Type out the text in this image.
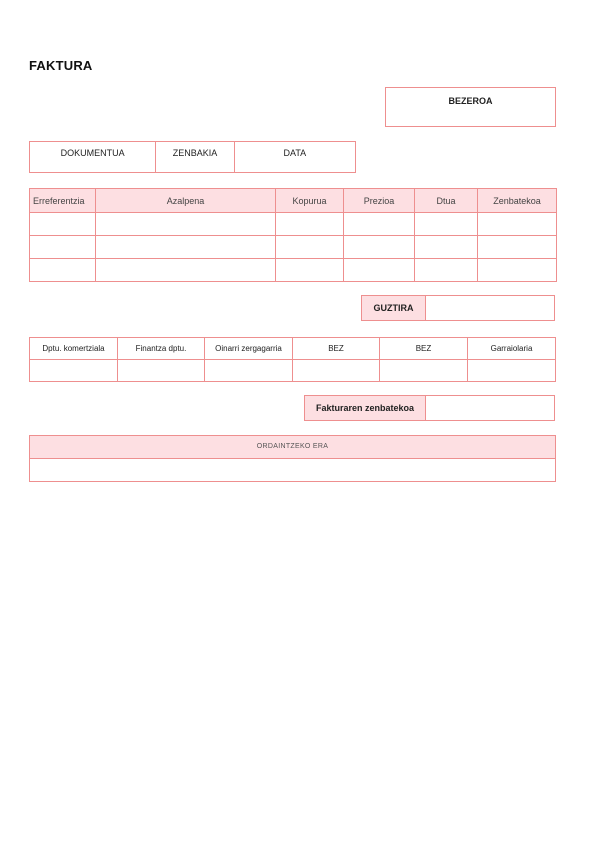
FAKTURA
BEZEROA
DOKUMENTUA	ZENBAKIA	DATA
Erreferentzia	Azalpena	Kopurua	Prezioa	Dtua	Zenbatekoa

GUZTIRA
Dptu. komertziala	Finantza dptu.	Oinarri zergagarria	BEZ	BEZ	Garraiolaria

Fakturaren zenbatekoa
ORDAINTZEKO ERA
